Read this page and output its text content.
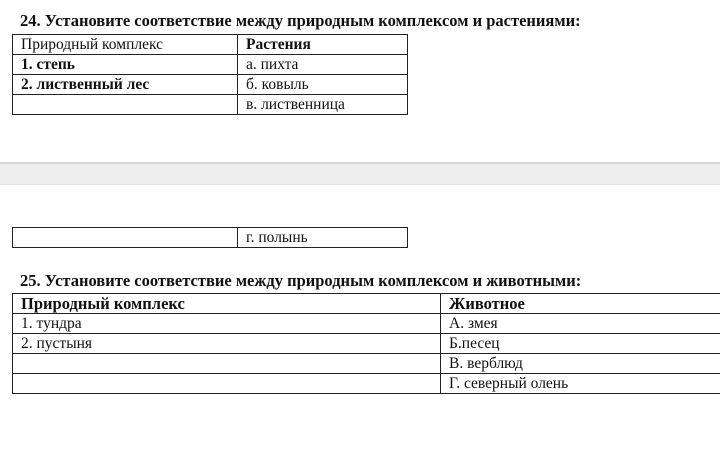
24. Установите соответствие между природным комплексом и растениями:
Природный комплекс	Растения
1. степь	а. пихта
2. лиственный лес	б. ковыль
	в. лиственница
	г. полынь
25. Установите соответствие между природным комплексом и животными:
Природный комплекс	Животное
1. тундра	А. змея
2. пустыня	Б.песец
	В. верблюд
	Г. северный олень
